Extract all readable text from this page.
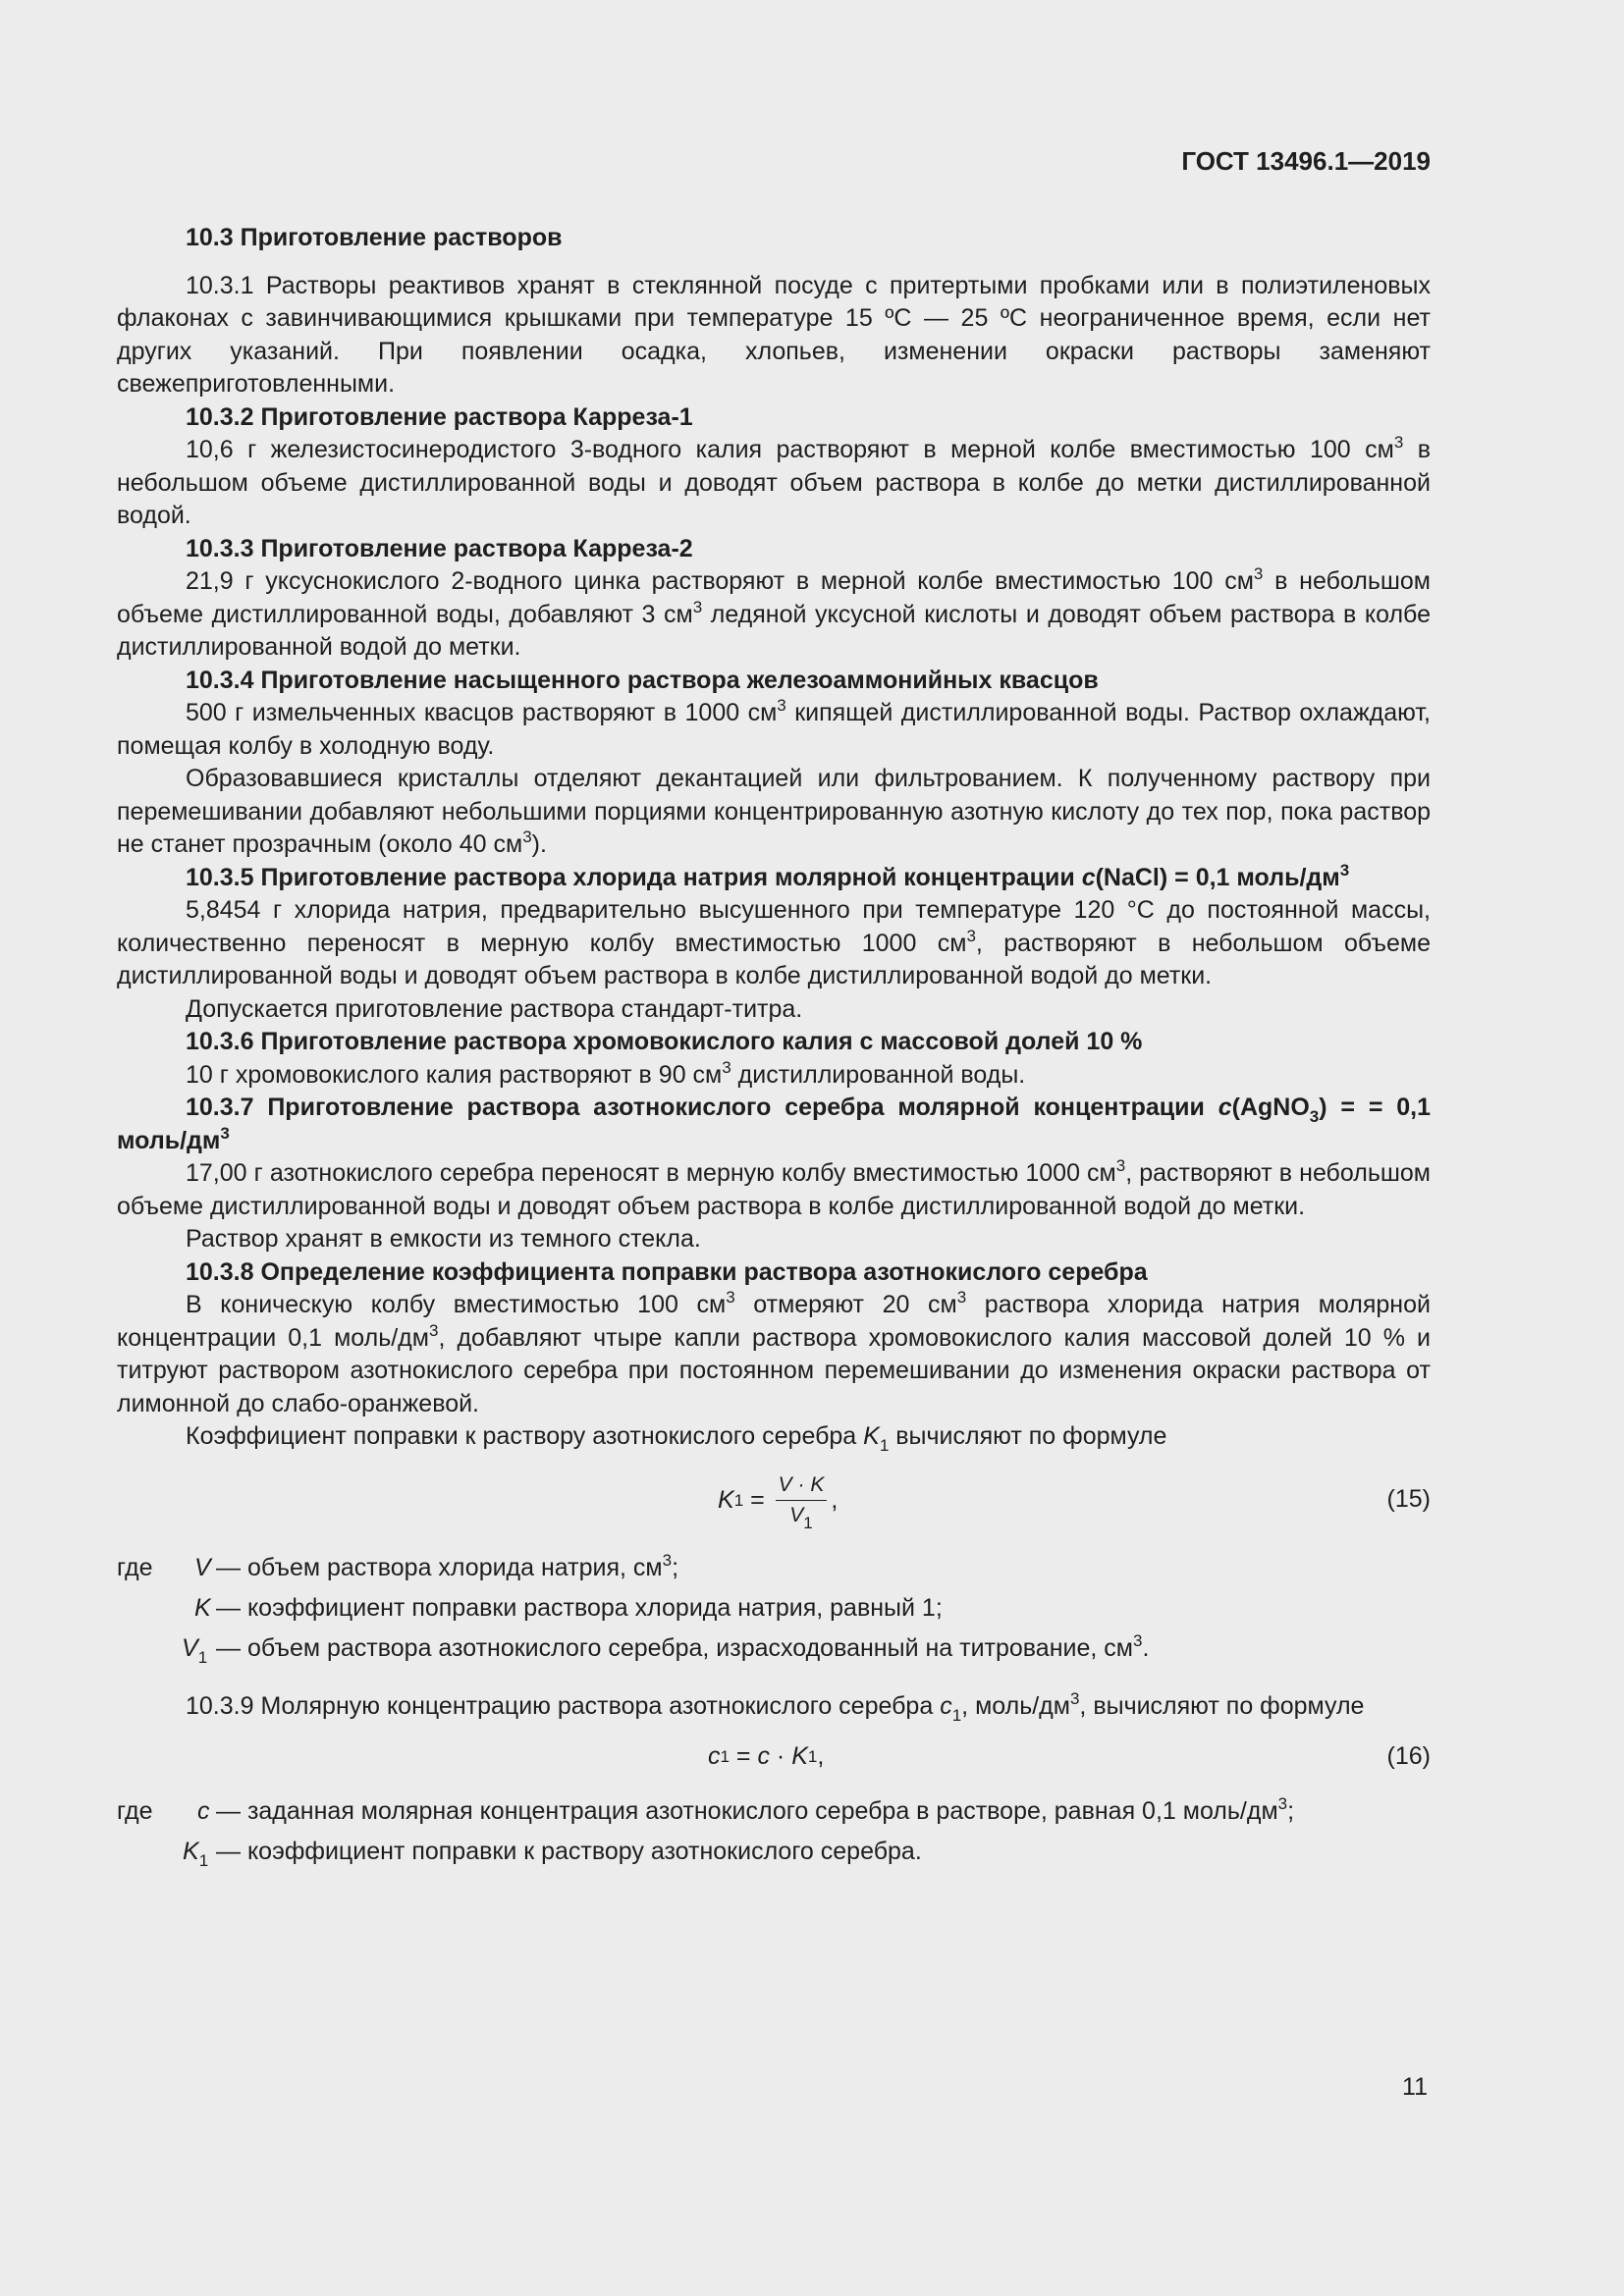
ГОСТ 13496.1—2019

10.3 Приготовление растворов

10.3.1 Растворы реактивов хранят в стеклянной посуде с притертыми пробками или в полиэтиленовых флаконах с завинчивающимися крышками при температуре 15 ºС — 25 ºС неограниченное время, если нет других указаний. При появлении осадка, хлопьев, изменении окраски растворы заменяют свежеприготовленными.

10.3.2 Приготовление раствора Карреза-1

10,6 г железистосинеродистого 3-водного калия растворяют в мерной колбе вместимостью 100 $см^3$ в небольшом объеме дистиллированной воды и доводят объем раствора в колбе до метки дистиллированной водой.

10.3.3 Приготовление раствора Карреза-2

21,9 г уксуснокислого 2-водного цинка растворяют в мерной колбе вместимостью 100 $см^3$ в небольшом объеме дистиллированной воды, добавляют 3 $см^3$ ледяной уксусной кислоты и доводят объем раствора в колбе дистиллированной водой до метки.

10.3.4 Приготовление насыщенного раствора железоаммонийных квасцов

500 г измельченных квасцов растворяют в 1000 $см^3$ кипящей дистиллированной воды. Раствор охлаждают, помещая колбу в холодную воду.

Образовавшиеся кристаллы отделяют декантацией или фильтрованием. К полученному раствору при перемешивании добавляют небольшими порциями концентрированную азотную кислоту до тех пор, пока раствор не станет прозрачным (около 40 $см^3$).

10.3.5 Приготовление раствора хлорида натрия молярной концентрации c(NaCl) = 0,1 моль/$дм^3$

5,8454 г хлорида натрия, предварительно высушенного при температуре 120 °С до постоянной массы, количественно переносят в мерную колбу вместимостью 1000 $см^3$, растворяют в небольшом объеме дистиллированной воды и доводят объем раствора в колбе дистиллированной водой до метки.

Допускается приготовление раствора стандарт-титра.

10.3.6 Приготовление раствора хромовокислого калия с массовой долей 10 %

10 г хромовокислого калия растворяют в 90 $см^3$ дистиллированной воды.

10.3.7 Приготовление раствора азотнокислого серебра молярной концентрации c(AgNO$_3$) = = 0,1 моль/$дм^3$

17,00 г азотнокислого серебра переносят в мерную колбу вместимостью 1000 $см^3$, растворяют в небольшом объеме дистиллированной воды и доводят объем раствора в колбе дистиллированной водой до метки.

Раствор хранят в емкости из темного стекла.

10.3.8 Определение коэффициента поправки раствора азотнокислого серебра

В коническую колбу вместимостью 100 $см^3$ отмеряют 20 $см^3$ раствора хлорида натрия молярной концентрации 0,1 моль/$дм^3$, добавляют чтыре капли раствора хромовокислого калия массовой долей 10 % и титруют раствором азотнокислого серебра при постоянном перемешивании до изменения окраски раствора от лимонной до слабо-оранжевой.

Коэффициент поправки к раствору азотнокислого серебра $K_1$ вычисляют по формуле

K $1 = \frac{V \cdot K}{V_1}$ ,	(15)
где V — объем раствора хлорида натрия, $см^3$;
K — коэффициент поправки раствора хлорида натрия, равный 1;
$V_1$ — объем раствора азотнокислого серебра, израсходованный на титрование, $см^3$.

10.3.9 Молярную концентрацию раствора азотнокислого серебра $c_1$, моль/$дм^3$, вычисляют по формуле

c 1 = c · K 1 ,	(16)
где c — заданная молярная концентрация азотнокислого серебра в растворе, равная 0,1 моль/$дм^3$;
$K_1$ — коэффициент поправки к раствору азотнокислого серебра.
11
